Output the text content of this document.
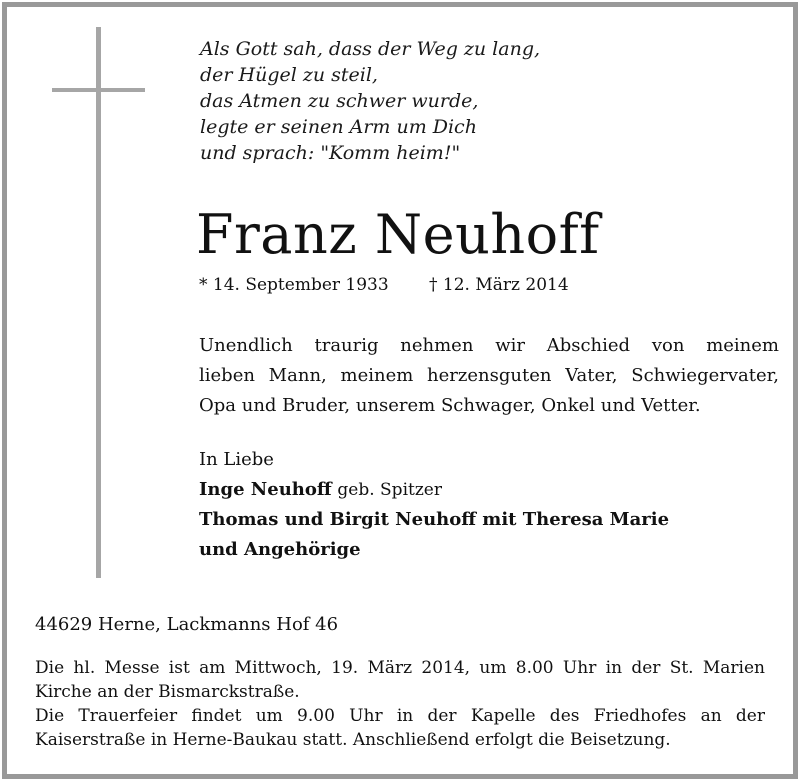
Als Gott sah, dass der Weg zu lang,
der Hügel zu steil,
das Atmen zu schwer wurde,
legte er seinen Arm um Dich
und sprach: "Komm heim!"
Franz Neuhoff
* 14. September 1933 † 12. März 2014
Unendlich traurig nehmen wir Abschied von meinem
lieben Mann, meinem herzensguten Vater, Schwiegervater,
Opa und Bruder, unserem Schwager, Onkel und Vetter.
In Liebe
Inge Neuhoff geb. Spitzer
Thomas und Birgit Neuhoff mit Theresa Marie
und Angehörige
44629 Herne, Lackmanns Hof 46
Die hl. Messe ist am Mittwoch, 19. März 2014, um 8.00 Uhr in der St. Marien
Kirche an der Bismarckstraße.
Die Trauerfeier findet um 9.00 Uhr in der Kapelle des Friedhofes an der
Kaiserstraße in Herne-Baukau statt. Anschließend erfolgt die Beisetzung.
